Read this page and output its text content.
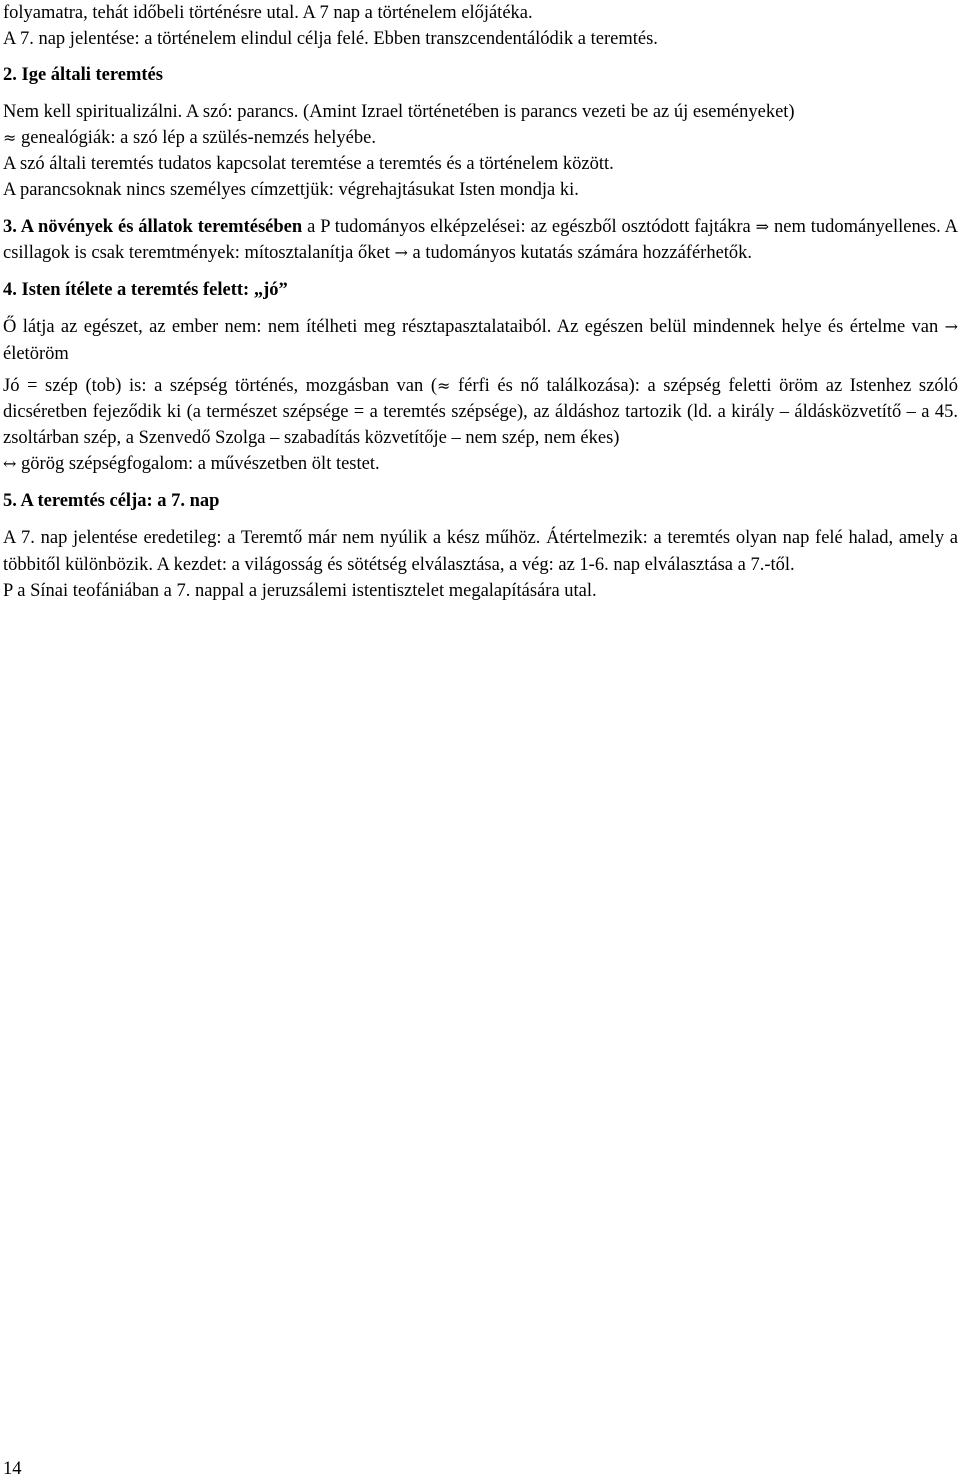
folyamatra, tehát időbeli történésre utal. A 7 nap a történelem előjátéka.
A 7. nap jelentése: a történelem elindul célja felé. Ebben transzcendentálódik a teremtés.
2. Ige általi teremtés
Nem kell spiritualizálni. A szó: parancs. (Amint Izrael történetében is parancs vezeti be az új eseményeket)
≈ genealógiák: a szó lép a szülés-nemzés helyébe.
A szó általi teremtés tudatos kapcsolat teremtése a teremtés és a történelem között.
A parancsoknak nincs személyes címzettjük: végrehajtásukat Isten mondja ki.
3. A növények és állatok teremtésében a P tudományos elképzelései: az egészből osztódott fajtákra ⇒ nem tudományellenes. A csillagok is csak teremtmények: mítosztalanítja őket → a tudományos kutatás számára hozzáférhetők.
4. Isten ítélete a teremtés felett: „jó”
Ő látja az egészet, az ember nem: nem ítélheti meg résztapasztalataiból. Az egészen belül mindennek helye és értelme van → életöröm
Jó = szép (tob) is: a szépség történés, mozgásban van (≈ férfi és nő találkozása): a szépség feletti öröm az Istenhez szóló dicséretben fejeződik ki (a természet szépsége = a teremtés szépsége), az áldáshoz tartozik (ld. a király – áldásközvetítő – a 45. zsoltárban szép, a Szenvedő Szolga – szabadítás közvetítője – nem szép, nem ékes)
↔ görög szépségfogalom: a művészetben ölt testet.
5. A teremtés célja: a 7. nap
A 7. nap jelentése eredetileg: a Teremtő már nem nyúlik a kész műhöz. Átértelmezik: a teremtés olyan nap felé halad, amely a többitől különbözik. A kezdet: a világosság és sötétség elválasztása, a vég: az 1-6. nap elválasztása a 7.-től.
P a Sínai teofániában a 7. nappal a jeruzsálemi istentisztelet megalapítására utal.
14
